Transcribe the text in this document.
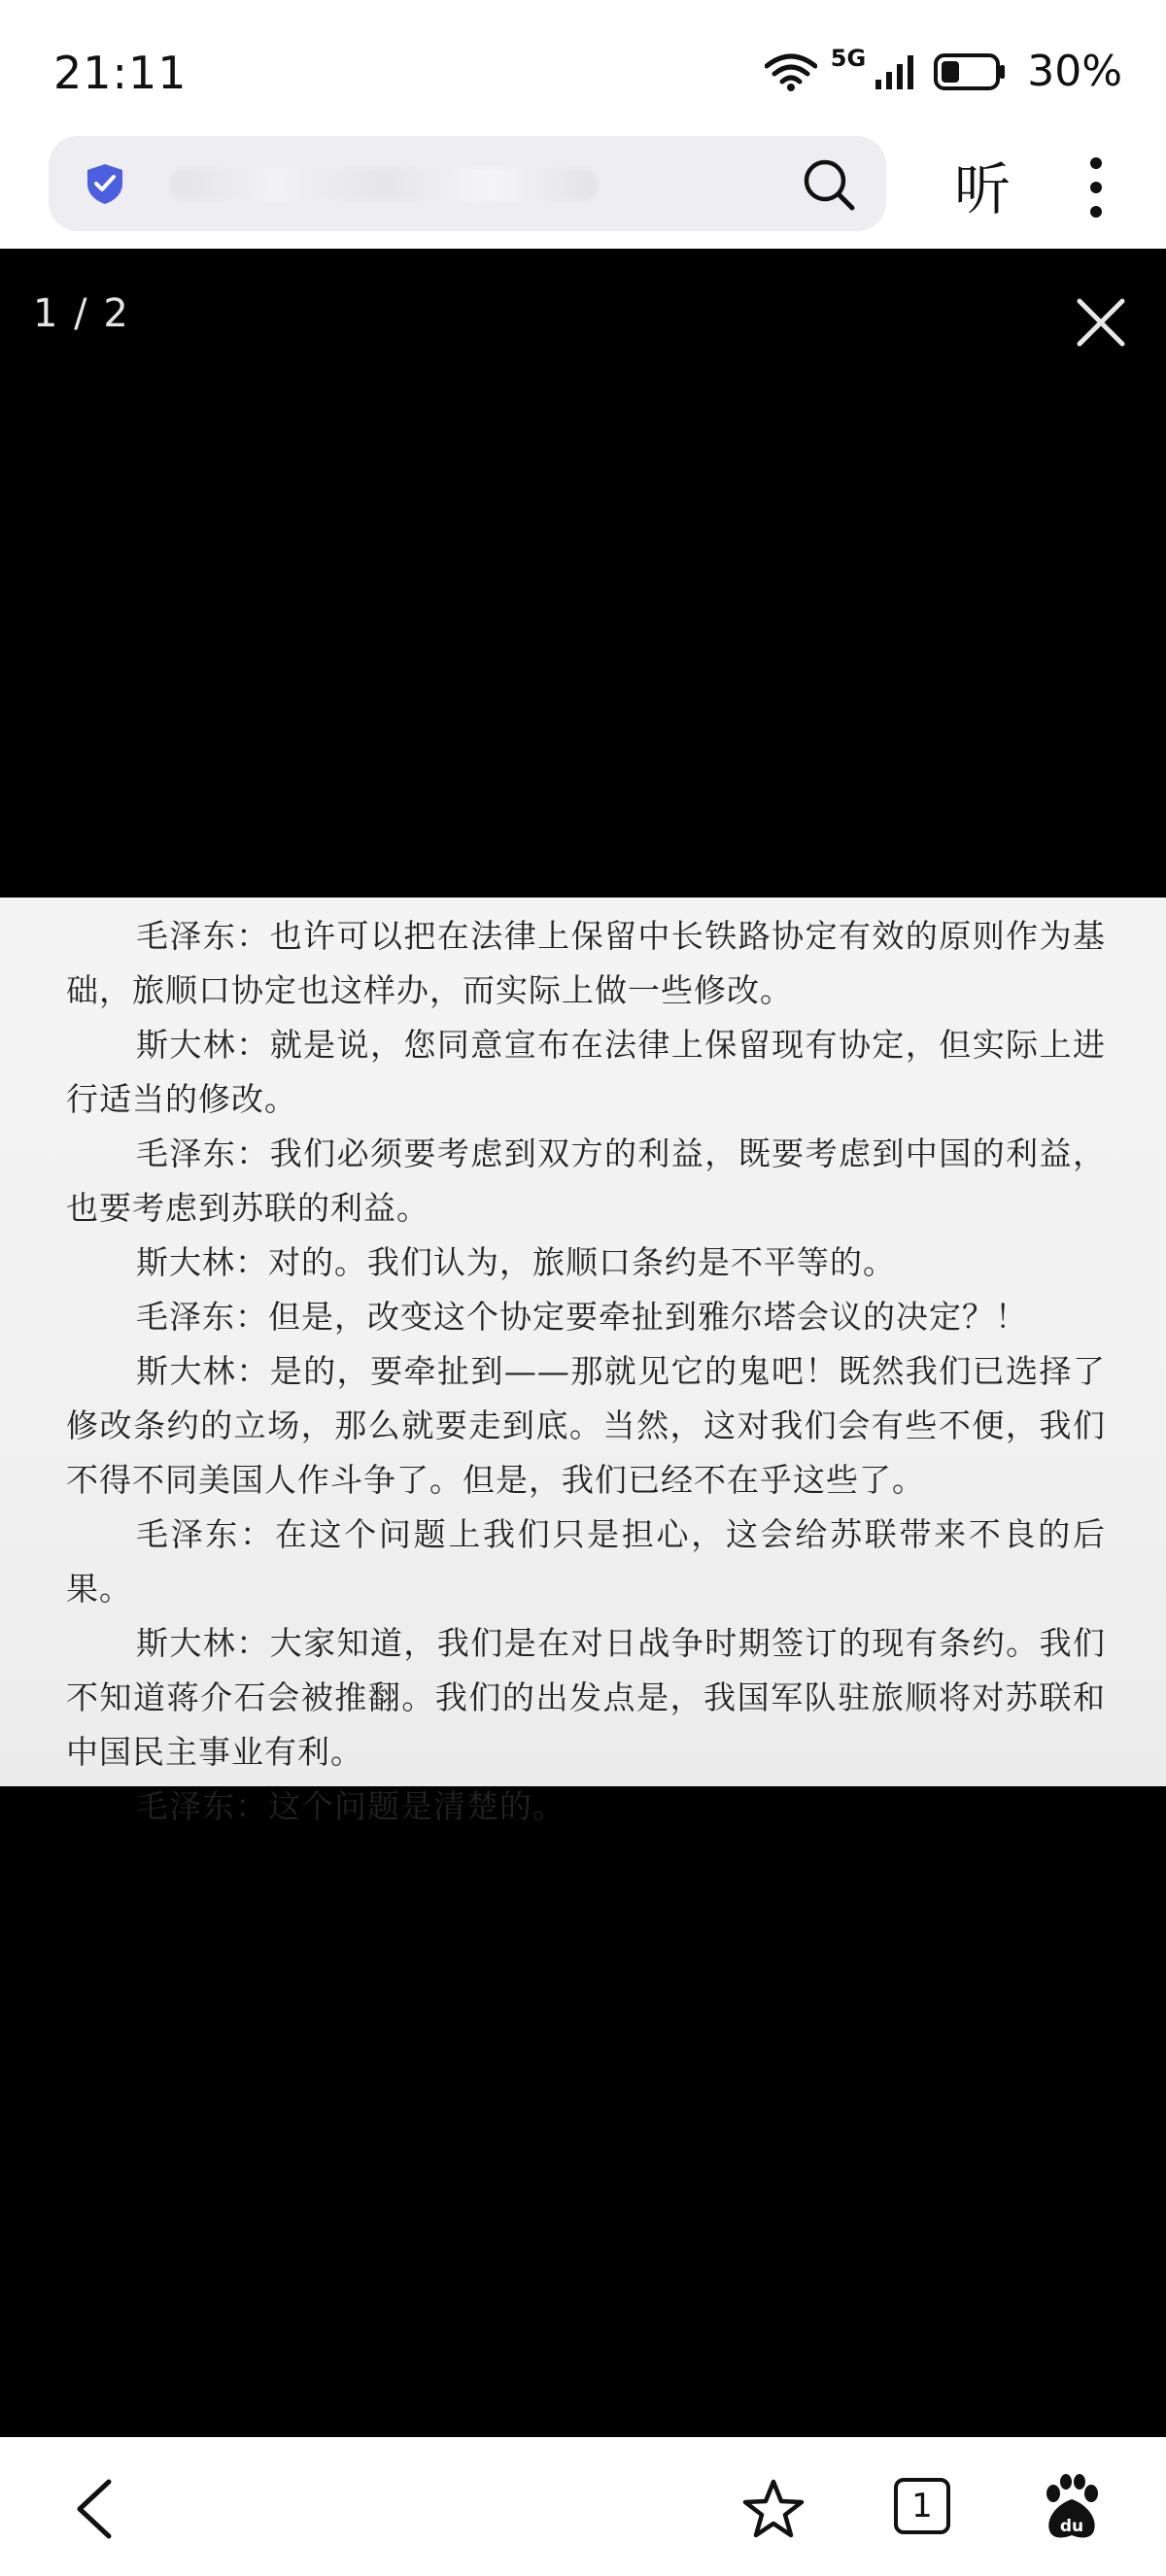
21:11	5G	30%
听
1 / 2

毛泽东：也许可以把在法律上保留中长铁路协定有效的原则作为基础，旅顺口协定也这样办，而实际上做一些修改。

斯大林：就是说，您同意宣布在法律上保留现有协定，但实际上进行适当的修改。

毛泽东：我们必须要考虑到双方的利益，既要考虑到中国的利益，也要考虑到苏联的利益。

斯大林：对的。我们认为，旅顺口条约是不平等的。

毛泽东：但是，改变这个协定要牵扯到雅尔塔会议的决定？！

斯大林：是的，要牵扯到——那就见它的鬼吧！既然我们已选择了修改条约的立场，那么就要走到底。当然，这对我们会有些不便，我们不得不同美国人作斗争了。但是，我们已经不在乎这些了。

毛泽东：在这个问题上我们只是担心，这会给苏联带来不良的后果。

斯大林：大家知道，我们是在对日战争时期签订的现有条约。我们不知道蒋介石会被推翻。我们的出发点是，我国军队驻旅顺将对苏联和中国民主事业有利。

毛泽东：这个问题是清楚的。

1
du
